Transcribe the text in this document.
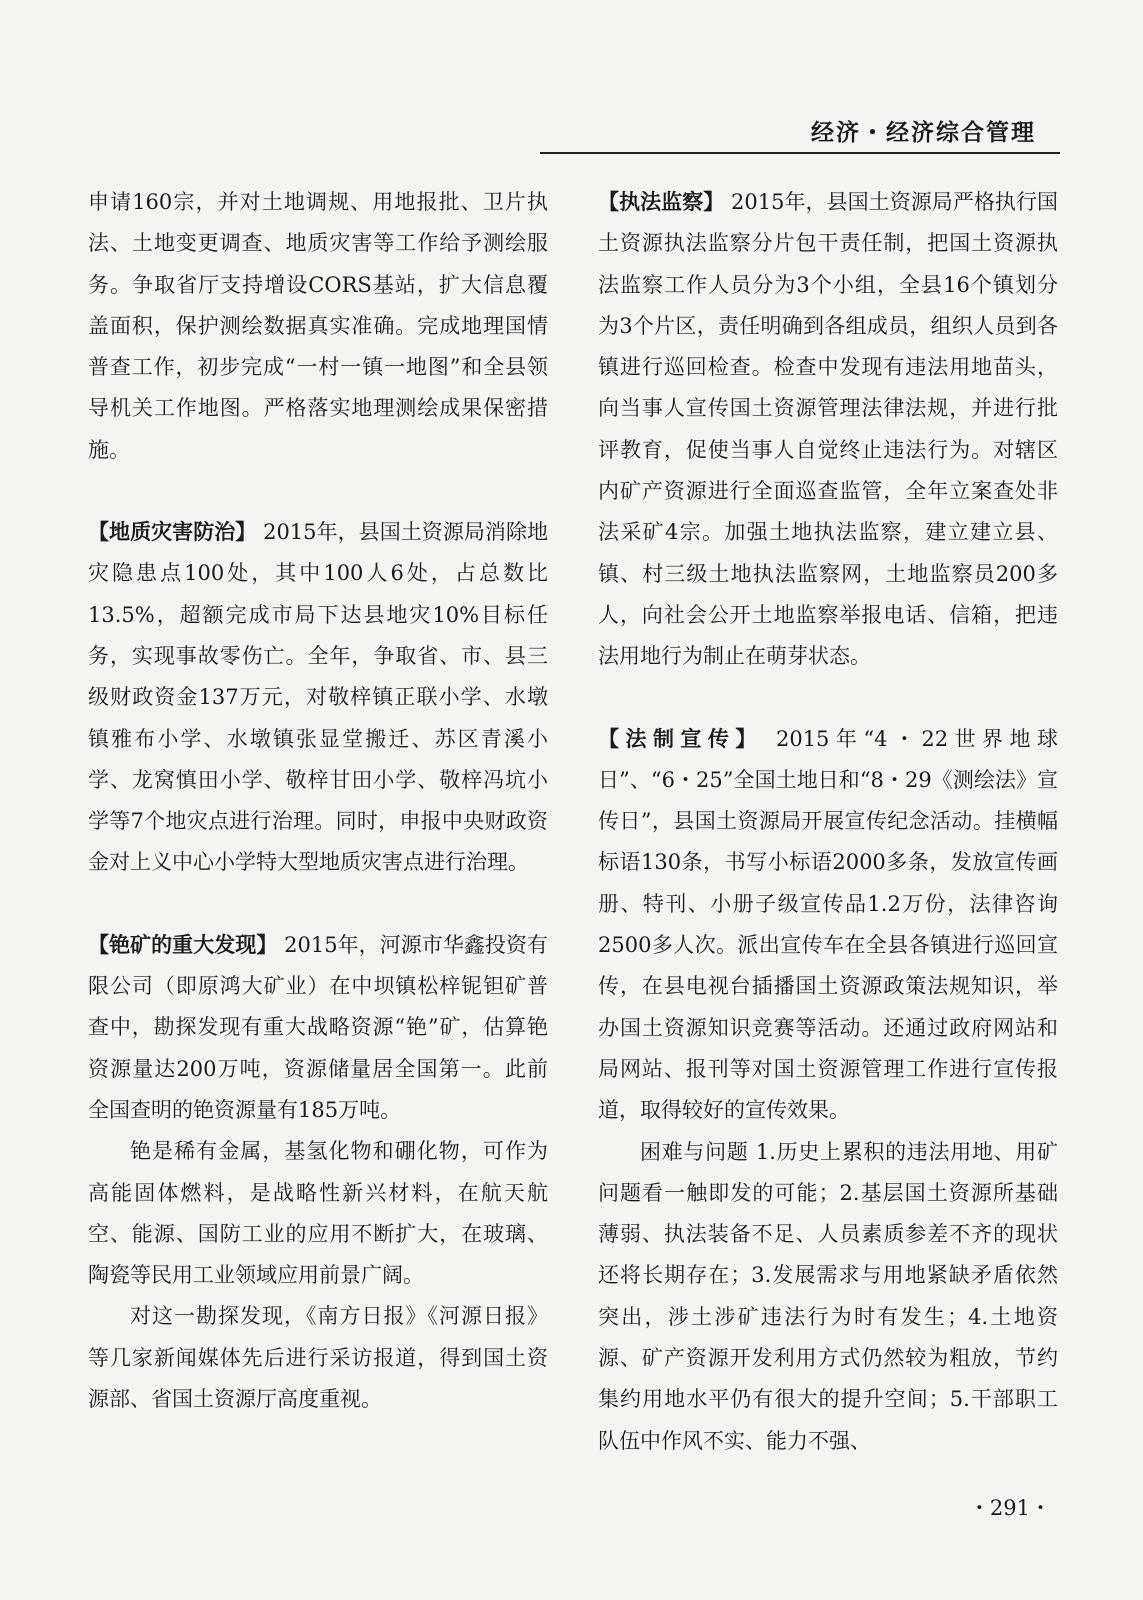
经济・经济综合管理

申请160宗，并对土地调规、用地报批、卫片执法、土地变更调查、地质灾害等工作给予测绘服务。争取省厅支持增设CORS基站，扩大信息覆盖面积，保护测绘数据真实准确。完成地理国情普查工作，初步完成“一村一镇一地图”和全县领导机关工作地图。严格落实地理测绘成果保密措施。

【地质灾害防治】 2015年，县国土资源局消除地灾隐患点100处，其中100人6处，占总数比13.5%，超额完成市局下达县地灾10%目标任务，实现事故零伤亡。全年，争取省、市、县三级财政资金137万元，对敬梓镇正联小学、水墩镇雅布小学、水墩镇张显堂搬迁、苏区青溪小学、龙窝慎田小学、敬梓甘田小学、敬梓冯坑小学等7个地灾点进行治理。同时，申报中央财政资金对上义中心小学特大型地质灾害点进行治理。

【铯矿的重大发现】 2015年，河源市华鑫投资有限公司（即原鸿大矿业）在中坝镇松梓铌钽矿普查中，勘探发现有重大战略资源“铯”矿，估算铯资源量达200万吨，资源储量居全国第一。此前全国查明的铯资源量有185万吨。

铯是稀有金属，基氢化物和硼化物，可作为高能固体燃料，是战略性新兴材料，在航天航空、能源、国防工业的应用不断扩大，在玻璃、陶瓷等民用工业领域应用前景广阔。

对这一勘探发现，《南方日报》《河源日报》等几家新闻媒体先后进行采访报道，得到国土资源部、省国土资源厅高度重视。

【执法监察】 2015年，县国土资源局严格执行国土资源执法监察分片包干责任制，把国土资源执法监察工作人员分为3个小组，全县16个镇划分为3个片区，责任明确到各组成员，组织人员到各镇进行巡回检查。检查中发现有违法用地苗头，向当事人宣传国土资源管理法律法规，并进行批评教育，促使当事人自觉终止违法行为。对辖区内矿产资源进行全面巡查监管，全年立案查处非法采矿4宗。加强土地执法监察，建立建立县、镇、村三级土地执法监察网，土地监察员200多人，向社会公开土地监察举报电话、信箱，把违法用地行为制止在萌芽状态。

【法制宣传】 2015年“4・22世界地球日”、“6・25”全国土地日和“8・29《测绘法》宣传日”，县国土资源局开展宣传纪念活动。挂横幅标语130条，书写小标语2000多条，发放宣传画册、特刊、小册子级宣传品1.2万份，法律咨询2500多人次。派出宣传车在全县各镇进行巡回宣传，在县电视台插播国土资源政策法规知识，举办国土资源知识竞赛等活动。还通过政府网站和局网站、报刊等对国土资源管理工作进行宣传报道，取得较好的宣传效果。

困难与问题 1.历史上累积的违法用地、用矿问题看一触即发的可能；2.基层国土资源所基础薄弱、执法装备不足、人员素质参差不齐的现状还将长期存在；3.发展需求与用地紧缺矛盾依然突出，涉土涉矿违法行为时有发生；4.土地资源、矿产资源开发利用方式仍然较为粗放，节约集约用地水平仍有很大的提升空间；5.干部职工队伍中作风不实、能力不强、

・291・
